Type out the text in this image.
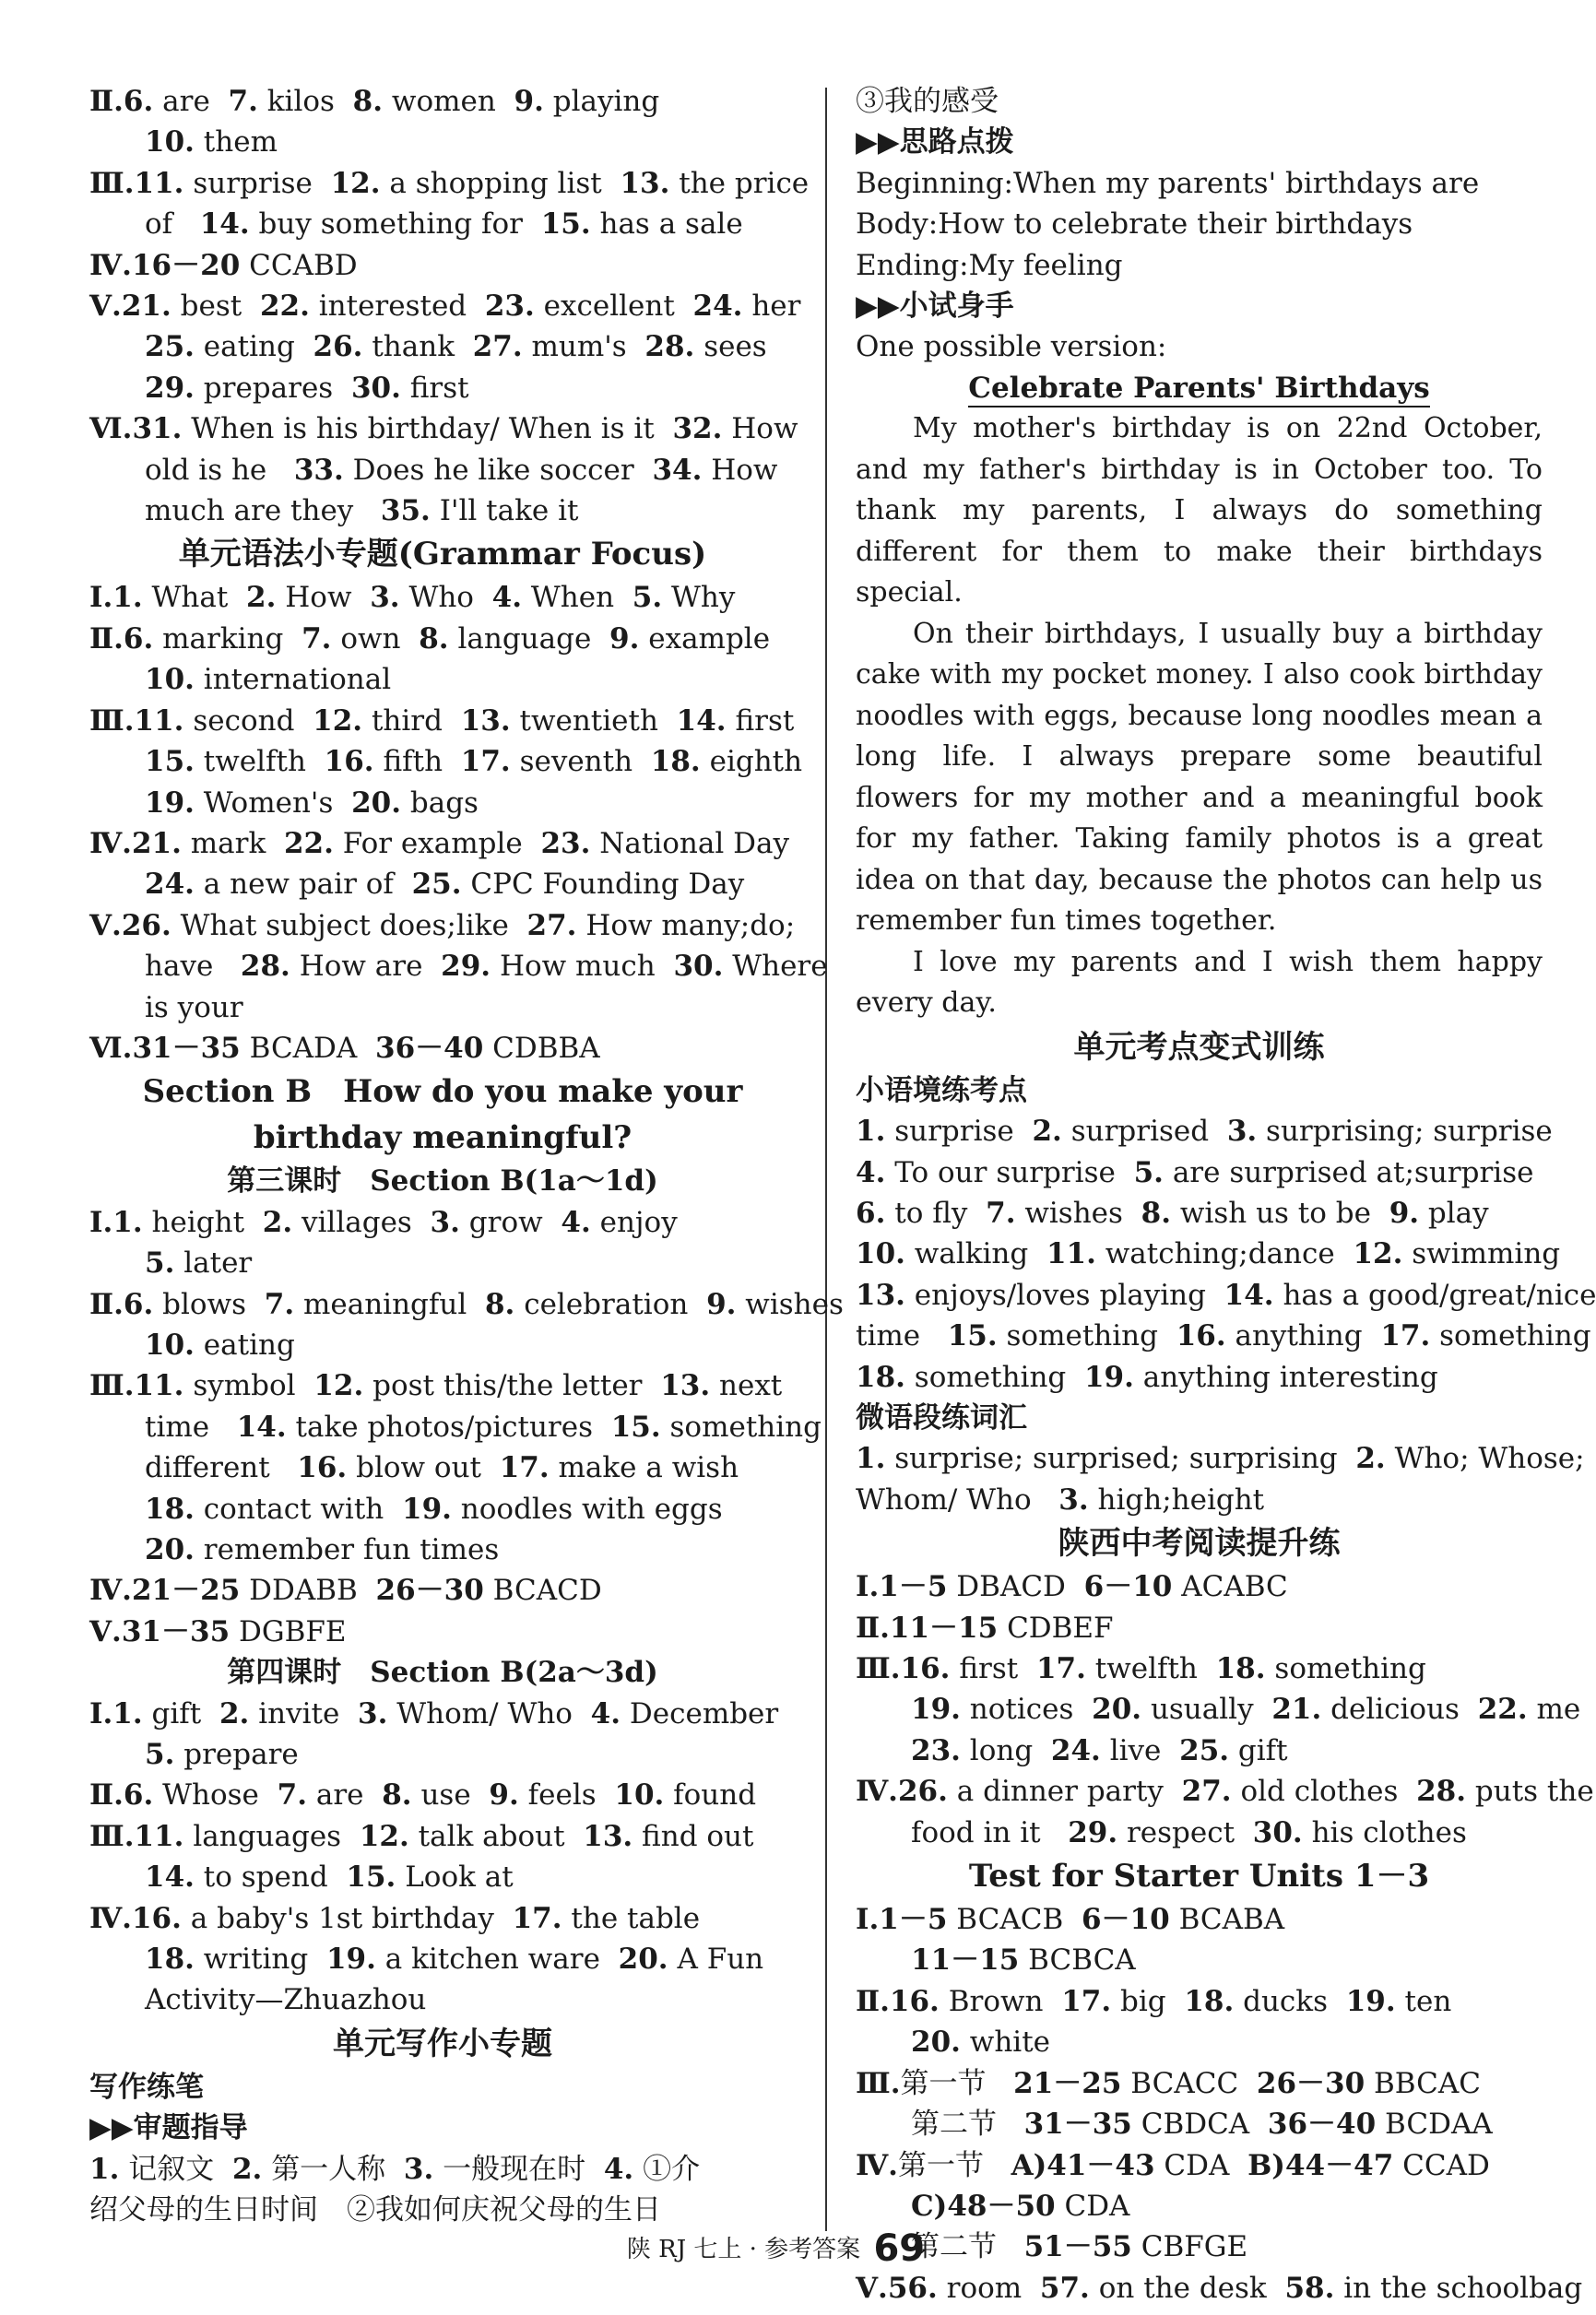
Ⅱ.6. are 7. kilos 8. women 9. playing
10. them
Ⅲ.11. surprise 12. a shopping list 13. the price
of 14. buy something for 15. has a sale
Ⅳ.16－20 CCABD
Ⅴ.21. best 22. interested 23. excellent 24. her
25. eating 26. thank 27. mum's 28. sees
29. prepares 30. first
Ⅵ.31. When is his birthday/ When is it 32. How
old is he 33. Does he like soccer 34. How
much are they 35. I'll take it
单元语法小专题(Grammar Focus)
Ⅰ.1. What 2. How 3. Who 4. When 5. Why
Ⅱ.6. marking 7. own 8. language 9. example
10. international
Ⅲ.11. second 12. third 13. twentieth 14. first
15. twelfth 16. fifth 17. seventh 18. eighth
19. Women's 20. bags
Ⅳ.21. mark 22. For example 23. National Day
24. a new pair of 25. CPC Founding Day
Ⅴ.26. What subject does;like 27. How many;do;
have 28. How are 29. How much 30. Where
is your
Ⅵ.31－35 BCADA 36－40 CDBBA
Section B　How do you make your
birthday meaningful?
第三课时　Section B(1a～1d)
Ⅰ.1. height 2. villages 3. grow 4. enjoy
5. later
Ⅱ.6. blows 7. meaningful 8. celebration 9. wishes
10. eating
Ⅲ.11. symbol 12. post this/the letter 13. next
time 14. take photos/pictures 15. something
different 16. blow out 17. make a wish
18. contact with 19. noodles with eggs
20. remember fun times
Ⅳ.21－25 DDABB 26－30 BCACD
Ⅴ.31－35 DGBFE
第四课时　Section B(2a～3d)
Ⅰ.1. gift 2. invite 3. Whom/ Who 4. December
5. prepare
Ⅱ.6. Whose 7. are 8. use 9. feels 10. found
Ⅲ.11. languages 12. talk about 13. find out
14. to spend 15. Look at
Ⅳ.16. a baby's 1st birthday 17. the table
18. writing 19. a kitchen ware 20. A Fun
Activity—Zhuazhou
单元写作小专题
写作练笔
▶▶审题指导
1. 记叙文 2. 第一人称 3. 一般现在时 4. ①介
绍父母的生日时间　②我如何庆祝父母的生日
③我的感受
▶▶思路点拨
Beginning:When my parents' birthdays are
Body:How to celebrate their birthdays
Ending:My feeling
▶▶小试身手
One possible version:
Celebrate Parents' Birthdays

My mother's birthday is on 22nd October, and my father's birthday is in October too. To thank my parents, I always do something different for them to make their birthdays special.

On their birthdays, I usually buy a birthday cake with my pocket money. I also cook birthday noodles with eggs, because long noodles mean a long life. I always prepare some beautiful flowers for my mother and a meaningful book for my father. Taking family photos is a great idea on that day, because the photos can help us remember fun times together.

I love my parents and I wish them happy every day.

单元考点变式训练
小语境练考点
1. surprise 2. surprised 3. surprising; surprise
4. To our surprise 5. are surprised at;surprise
6. to fly 7. wishes 8. wish us to be 9. play
10. walking 11. watching;dance 12. swimming
13. enjoys/loves playing 14. has a good/great/nice
time 15. something 16. anything 17. something
18. something 19. anything interesting
微语段练词汇
1. surprise; surprised; surprising 2. Who; Whose;
Whom/ Who 3. high;height
陕西中考阅读提升练
Ⅰ.1－5 DBACD 6－10 ACABC
Ⅱ.11－15 CDBEF
Ⅲ.16. first 17. twelfth 18. something
19. notices 20. usually 21. delicious 22. me
23. long 24. live 25. gift
Ⅳ.26. a dinner party 27. old clothes 28. puts the
food in it 29. respect 30. his clothes
Test for Starter Units 1－3
Ⅰ.1－5 BCACB 6－10 BCABA
11－15 BCBCA
Ⅱ.16. Brown 17. big 18. ducks 19. ten
20. white
Ⅲ.第一节 21－25 BCACC 26－30 BBCAC
第二节 31－35 CBDCA 36－40 BCDAA
Ⅳ.第一节 A)41－43 CDA B)44－47 CCAD
C)48－50 CDA
第二节 51－55 CBFGE
Ⅴ.56. room 57. on the desk 58. in the schoolbag
陕 RJ 七上 · 参考答案 69
